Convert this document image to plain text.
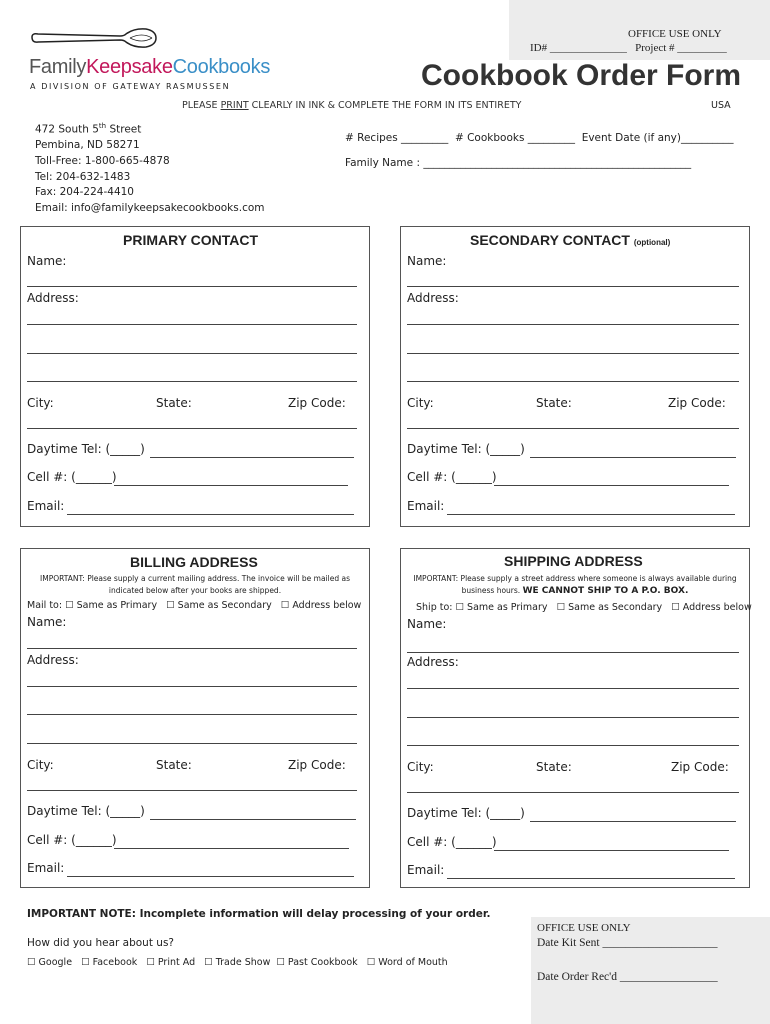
OFFICE USE ONLY
ID# ______________   Project # _________
FamilyKeepsakeCookbooks
A DIVISION OF GATEWAY RASMUSSEN	Cookbook Order Form
PLEASE PRINT CLEARLY IN INK & COMPLETE THE FORM IN ITS ENTIRETY	USA
472 South 5th Street
Pembina, ND 58271
Toll-Free: 1-800-665-4878
Tel: 204-632-1483
Fax: 204-224-4410
Email: info@familykeepsakecookbooks.com
# Recipes _________  # Cookbooks _________  Event Date (if any)__________
Family Name : ___________________________________________________
PRIMARY CONTACT
Name:
Address:
City:	State:	Zip Code:
Daytime Tel: (_____)
Cell #: (______)
Email:
SECONDARY CONTACT (optional)
Name:
Address:
City:	State:	Zip Code:
Daytime Tel: (_____)
Cell #: (______)
Email:
BILLING ADDRESS
IMPORTANT: Please supply a current mailing address. The invoice will be mailed as
indicated below after your books are shipped.
Mail to: ☐ Same as Primary   ☐ Same as Secondary   ☐ Address below
Name:
Address:
City:	State:	Zip Code:
Daytime Tel: (_____)
Cell #: (______)
Email:
SHIPPING ADDRESS
IMPORTANT: Please supply a street address where someone is always available during
business hours. WE CANNOT SHIP TO A P.O. BOX.
Ship to: ☐ Same as Primary   ☐ Same as Secondary   ☐ Address below
Name:
Address:
City:	State:	Zip Code:
Daytime Tel: (_____)
Cell #: (______)
Email:
IMPORTANT NOTE: Incomplete information will delay processing of your order.
How did you hear about us?
☐ Google   ☐ Facebook   ☐ Print Ad   ☐ Trade Show  ☐ Past Cookbook   ☐ Word of Mouth
OFFICE USE ONLY
Date Kit Sent ____________________
Date Order Rec'd _________________
